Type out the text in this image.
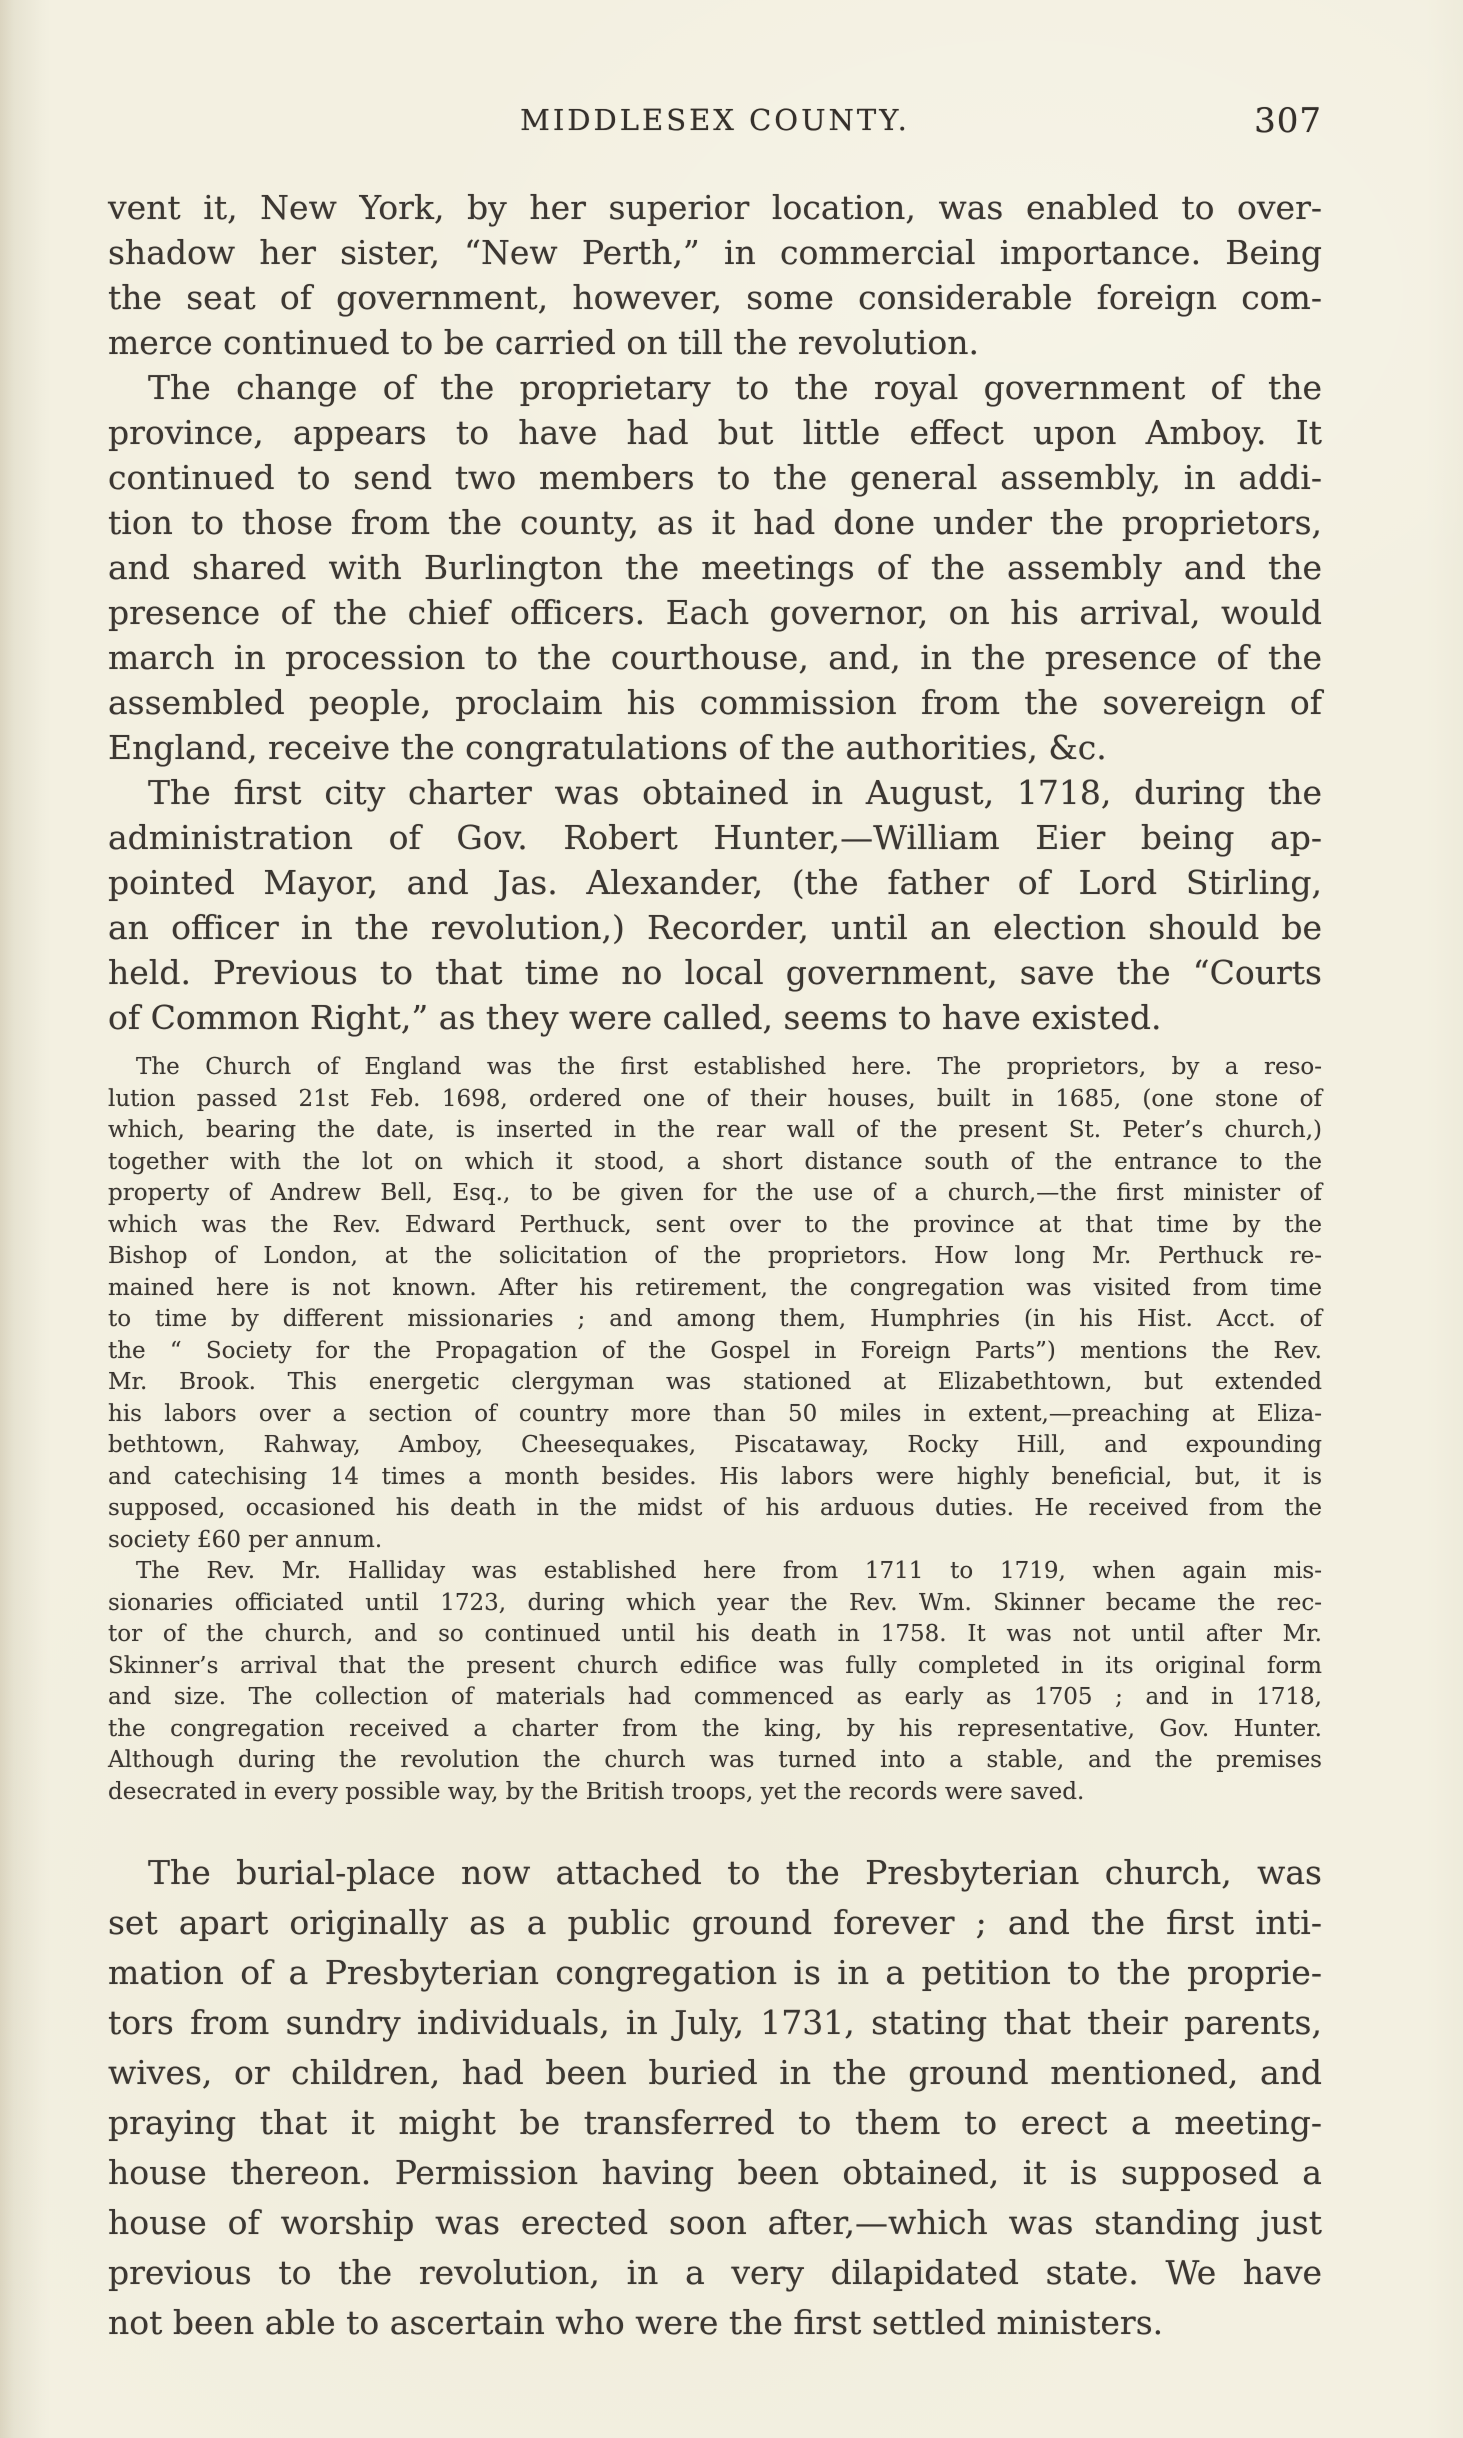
MIDDLESEX COUNTY.	307
vent it, New York, by her superior location, was enabled to over-
shadow her sister, “New Perth,” in commercial importance. Being
the seat of government, however, some considerable foreign com-
merce continued to be carried on till the revolution.
The change of the proprietary to the royal government of the
province, appears to have had but little effect upon Amboy. It
continued to send two members to the general assembly, in addi-
tion to those from the county, as it had done under the proprietors,
and shared with Burlington the meetings of the assembly and the
presence of the chief officers. Each governor, on his arrival, would
march in procession to the courthouse, and, in the presence of the
assembled people, proclaim his commission from the sovereign of
England, receive the congratulations of the authorities, &c.
The first city charter was obtained in August, 1718, during the
administration of Gov. Robert Hunter,—William Eier being ap-
pointed Mayor, and Jas. Alexander, (the father of Lord Stirling,
an officer in the revolution,) Recorder, until an election should be
held. Previous to that time no local government, save the “Courts
of Common Right,” as they were called, seems to have existed.
The Church of England was the first established here. The proprietors, by a reso-
lution passed 21st Feb. 1698, ordered one of their houses, built in 1685, (one stone of
which, bearing the date, is inserted in the rear wall of the present St. Peter’s church,)
together with the lot on which it stood, a short distance south of the entrance to the
property of Andrew Bell, Esq., to be given for the use of a church,—the first minister of
which was the Rev. Edward Perthuck, sent over to the province at that time by the
Bishop of London, at the solicitation of the proprietors. How long Mr. Perthuck re-
mained here is not known. After his retirement, the congregation was visited from time
to time by different missionaries ; and among them, Humphries (in his Hist. Acct. of
the “ Society for the Propagation of the Gospel in Foreign Parts”) mentions the Rev.
Mr. Brook. This energetic clergyman was stationed at Elizabethtown, but extended
his labors over a section of country more than 50 miles in extent,—preaching at Eliza-
bethtown, Rahway, Amboy, Cheesequakes, Piscataway, Rocky Hill, and expounding
and catechising 14 times a month besides. His labors were highly beneficial, but, it is
supposed, occasioned his death in the midst of his arduous duties. He received from the
society £60 per annum.
The Rev. Mr. Halliday was established here from 1711 to 1719, when again mis-
sionaries officiated until 1723, during which year the Rev. Wm. Skinner became the rec-
tor of the church, and so continued until his death in 1758. It was not until after Mr.
Skinner’s arrival that the present church edifice was fully completed in its original form
and size. The collection of materials had commenced as early as 1705 ; and in 1718,
the congregation received a charter from the king, by his representative, Gov. Hunter.
Although during the revolution the church was turned into a stable, and the premises
desecrated in every possible way, by the British troops, yet the records were saved.
The burial-place now attached to the Presbyterian church, was
set apart originally as a public ground forever ; and the first inti-
mation of a Presbyterian congregation is in a petition to the proprie-
tors from sundry individuals, in July, 1731, stating that their parents,
wives, or children, had been buried in the ground mentioned, and
praying that it might be transferred to them to erect a meeting-
house thereon. Permission having been obtained, it is supposed a
house of worship was erected soon after,—which was standing just
previous to the revolution, in a very dilapidated state. We have
not been able to ascertain who were the first settled ministers.
